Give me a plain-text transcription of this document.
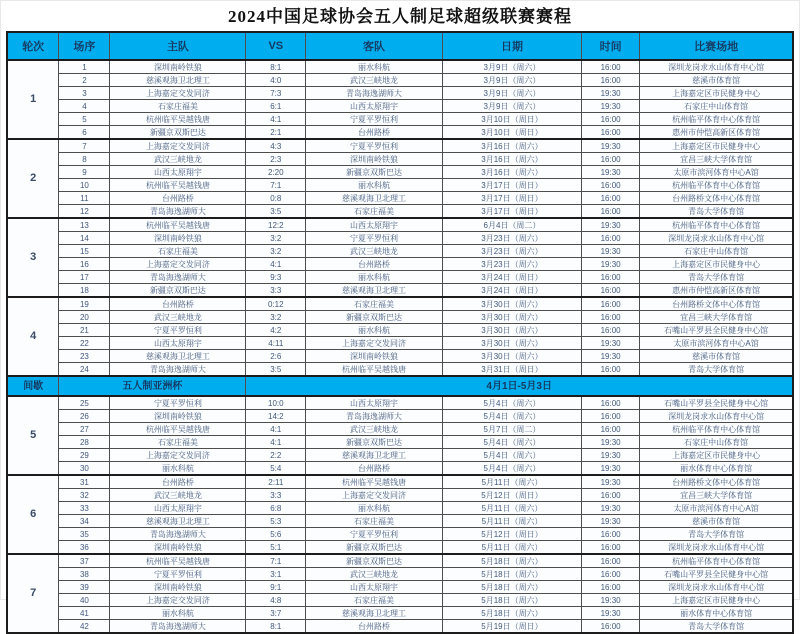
2024中国足球协会五人制足球超级联赛赛程
轮次	场序	主队	VS	客队	日期	时间	比赛场地
1	1	深圳南岭铁狼	8:1	丽水科航	3月9日（周六）	16:00	深圳龙岗求水山体育中心馆
	2	慈溪观海卫北理工	4:0	武汉三峡地龙	3月9日（周六）	16:00	慈溪市体育馆
	3	上海嘉定交发同济	7:3	青岛海逸湖师大	3月9日（周六）	19:30	上海嘉定区市民健身中心
	4	石家庄福美	6:1	山西太原翔宇	3月9日（周六）	19:30	石家庄中山体育馆
	5	杭州临平吴越钱唐	4:1	宁夏平罗恒利	3月10日（周日）	16:00	杭州临平体育中心体育馆
	6	新疆京双斯巴达	2:1	台州路桥	3月10日（周日）	16:00	惠州市仲恺高新区体育馆
2	7	上海嘉定交发同济	4:3	宁夏平罗恒利	3月16日（周六）	19:30	上海嘉定区市民健身中心
	8	武汉三峡地龙	2:3	深圳南岭铁狼	3月16日（周六）	16:00	宜昌三峡大学体育馆
	9	山西太原翔宇	2:20	新疆京双斯巴达	3月16日（周六）	19:30	太原市滨河体育中心A馆
	10	杭州临平吴越钱唐	7:1	丽水科航	3月17日（周日）	16:00	杭州临平体育中心体育馆
	11	台州路桥	0:8	慈溪观海卫北理工	3月17日（周日）	16:00	台州路桥文体中心体育馆
	12	青岛海逸湖师大	3:5	石家庄福美	3月17日（周日）	16:00	青岛大学体育馆
3	13	杭州临平吴越钱唐	12:2	山西太原翔宇	6月4日（周二）	19:30	杭州临平体育中心体育馆
	14	深圳南岭铁狼	3:2	宁夏平罗恒利	3月23日（周六）	16:00	深圳龙岗求水山体育中心馆
	15	石家庄福美	3:2	武汉三峡地龙	3月23日（周六）	19:30	石家庄中山体育馆
	16	上海嘉定交发同济	4:1	台州路桥	3月23日（周六）	19:30	上海嘉定区市民健身中心
	17	青岛海逸湖师大	9:3	丽水科航	3月24日（周日）	16:00	青岛大学体育馆
	18	新疆京双斯巴达	3:3	慈溪观海卫北理工	3月24日（周日）	16:00	惠州市仲恺高新区体育馆
4	19	台州路桥	0:12	石家庄福美	3月30日（周六）	16:00	台州路桥文体中心体育馆
	20	武汉三峡地龙	3:2	新疆京双斯巴达	3月30日（周六）	16:00	宜昌三峡大学体育馆
	21	宁夏平罗恒利	4:2	丽水科航	3月30日（周六）	16:00	石嘴山平罗县全民健身中心馆
	22	山西太原翔宇	4:11	上海嘉定交发同济	3月30日（周六）	19:30	太原市滨河体育中心A馆
	23	慈溪观海卫北理工	2:6	深圳南岭铁狼	3月30日（周六）	19:30	慈溪市体育馆
	24	青岛海逸湖师大	3:5	杭州临平吴越钱唐	3月31日（周日）	16:00	青岛大学体育馆
间歇	五人制亚洲杯		4月1日-5月3日				
5	25	宁夏平罗恒利	10:0	山西太原翔宇	5月4日（周六）	16:00	石嘴山平罗县全民健身中心馆
	26	深圳南岭铁狼	14:2	青岛海逸湖师大	5月4日（周六）	16:00	深圳龙岗求水山体育中心馆
	27	杭州临平吴越钱唐	4:1	武汉三峡地龙	5月7日（周二）	16:00	杭州临平体育中心体育馆
	28	石家庄福美	4:1	新疆京双斯巴达	5月4日（周六）	19:30	石家庄中山体育馆
	29	上海嘉定交发同济	2:2	慈溪观海卫北理工	5月4日（周六）	19:30	上海嘉定区市民健身中心
	30	丽水科航	5:4	台州路桥	5月4日（周六）	19:30	丽水体育中心体育馆
6	31	台州路桥	2:11	杭州临平吴越钱唐	5月11日（周六）	19:30	台州路桥文体中心体育馆
	32	武汉三峡地龙	3:3	上海嘉定交发同济	5月12日（周日）	16:00	宜昌三峡大学体育馆
	33	山西太原翔宇	6:8	丽水科航	5月11日（周六）	19:30	太原市滨河体育中心A馆
	34	慈溪观海卫北理工	5:3	石家庄福美	5月11日（周六）	19:30	慈溪市体育馆
	35	青岛海逸湖师大	5:6	宁夏平罗恒利	5月12日（周日）	16:00	青岛大学体育馆
	36	深圳南岭铁狼	5:1	新疆京双斯巴达	5月11日（周六）	16:00	深圳龙岗求水山体育中心馆
7	37	杭州临平吴越钱唐	7:1	新疆京双斯巴达	5月18日（周六）	16:00	杭州临平体育中心体育馆
	38	宁夏平罗恒利	3:1	武汉三峡地龙	5月18日（周六）	16:00	石嘴山平罗县全民健身中心馆
	39	深圳南岭铁狼	9:1	山西太原翔宇	5月18日（周六）	16:00	深圳龙岗求水山体育中心馆
	40	上海嘉定交发同济	4:8	石家庄福美	5月18日（周六）	19:30	上海嘉定区市民健身中心
	41	丽水科航	3:7	慈溪观海卫北理工	5月18日（周六）	19:30	丽水体育中心体育馆
	42	青岛海逸湖师大	8:1	台州路桥	5月19日（周日）	16:00	青岛大学体育馆
